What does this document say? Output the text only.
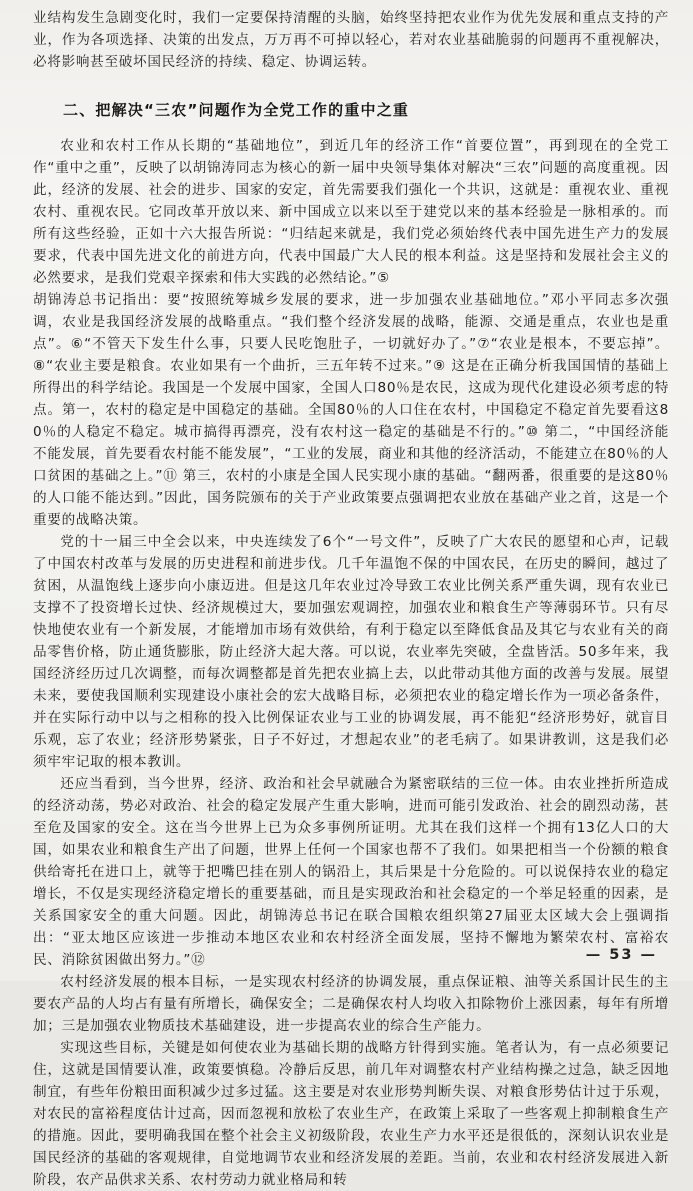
业结构发生急剧变化时，我们一定要保持清醒的头脑，始终坚持把农业作为优先发展和重点支持的产业，作为各项选择、决策的出发点，万万再不可掉以轻心，若对农业基础脆弱的问题再不重视解决，必将影响甚至破坏国民经济的持续、稳定、协调运转。

二、把解决“三农”问题作为全党工作的重中之重

农业和农村工作从长期的“基础地位”，到近几年的经济工作“首要位置”，再到现在的全党工作“重中之重”，反映了以胡锦涛同志为核心的新一届中央领导集体对解决“三农”问题的高度重视。因此，经济的发展、社会的进步、国家的安定，首先需要我们强化一个共识，这就是：重视农业、重视农村、重视农民。它同改革开放以来、新中国成立以来以至于建党以来的基本经验是一脉相承的。而所有这些经验，正如十六大报告所说：“归结起来就是，我们党必须始终代表中国先进生产力的发展要求，代表中国先进文化的前进方向，代表中国最广大人民的根本利益。这是坚持和发展社会主义的必然要求，是我们党艰辛探索和伟大实践的必然结论。”⑤

胡锦涛总书记指出：要“按照统筹城乡发展的要求，进一步加强农业基础地位。”邓小平同志多次强调，农业是我国经济发展的战略重点。“我们整个经济发展的战略，能源、交通是重点，农业也是重点”。⑥“不管天下发生什么事，只要人民吃饱肚子，一切就好办了。”⑦“农业是根本，不要忘掉”。⑧“农业主要是粮食。农业如果有一个曲折，三五年转不过来。”⑨ 这是在正确分析我国国情的基础上所得出的科学结论。我国是一个发展中国家，全国人口80％是农民，这成为现代化建设必须考虑的特点。第一，农村的稳定是中国稳定的基础。全国80％的人口住在农村，中国稳定不稳定首先要看这80％的人稳定不稳定。城市搞得再漂亮，没有农村这一稳定的基础是不行的。”⑩ 第二，“中国经济能不能发展，首先要看农村能不能发展”，“工业的发展，商业和其他的经济活动，不能建立在80％的人口贫困的基础之上。”⑪ 第三，农村的小康是全国人民实现小康的基础。“翻两番，很重要的是这80％的人口能不能达到。”因此，国务院颁布的关于产业政策要点强调把农业放在基础产业之首，这是一个重要的战略决策。

党的十一届三中全会以来，中央连续发了6个“一号文件”，反映了广大农民的愿望和心声，记载了中国农村改革与发展的历史进程和前进步伐。几千年温饱不保的中国农民，在历史的瞬间，越过了贫困，从温饱线上逐步向小康迈进。但是这几年农业过冷导致工农业比例关系严重失调，现有农业已支撑不了投资增长过快、经济规模过大，要加强宏观调控，加强农业和粮食生产等薄弱环节。只有尽快地使农业有一个新发展，才能增加市场有效供给，有利于稳定以至降低食品及其它与农业有关的商品零售价格，防止通货膨胀，防止经济大起大落。可以说，农业率先突破，全盘皆活。50多年来，我国经济经历过几次调整，而每次调整都是首先把农业搞上去，以此带动其他方面的改善与发展。展望未来，要使我国顺利实现建设小康社会的宏大战略目标，必须把农业的稳定增长作为一项必备条件，并在实际行动中以与之相称的投入比例保证农业与工业的协调发展，再不能犯“经济形势好，就盲目乐观，忘了农业；经济形势紧张，日子不好过，才想起农业”的老毛病了。如果讲教训，这是我们必须牢牢记取的根本教训。

还应当看到，当今世界，经济、政治和社会早就融合为紧密联结的三位一体。由农业挫折所造成的经济动荡，势必对政治、社会的稳定发展产生重大影响，进而可能引发政治、社会的剧烈动荡，甚至危及国家的安全。这在当今世界上已为众多事例所证明。尤其在我们这样一个拥有13亿人口的大国，如果农业和粮食生产出了问题，世界上任何一个国家也帮不了我们。如果把相当一个份额的粮食供给寄托在进口上，就等于把嘴巴挂在别人的锅沿上，其后果是十分危险的。可以说保持农业的稳定增长，不仅是实现经济稳定增长的重要基础，而且是实现政治和社会稳定的一个举足轻重的因素，是关系国家安全的重大问题。因此，胡锦涛总书记在联合国粮农组织第27届亚太区域大会上强调指出：“亚太地区应该进一步推动本地区农业和农村经济全面发展，坚持不懈地为繁荣农村、富裕农民、消除贫困做出努力。”⑫

农村经济发展的根本目标，一是实现农村经济的协调发展，重点保证粮、油等关系国计民生的主要农产品的人均占有量有所增长，确保安全；二是确保农村人均收入扣除物价上涨因素，每年有所增加；三是加强农业物质技术基础建设，进一步提高农业的综合生产能力。

实现这些目标，关键是如何使农业为基础长期的战略方针得到实施。笔者认为，有一点必须要记住，这就是国情要认准，政策要慎稳。冷静后反思，前几年对调整农村产业结构操之过急，缺乏因地制宜，有些年份粮田面积减少过多过猛。这主要是对农业形势判断失误、对粮食形势估计过于乐观，对农民的富裕程度估计过高，因而忽视和放松了农业生产，在政策上采取了一些客观上抑制粮食生产的措施。因此，要明确我国在整个社会主义初级阶段，农业生产力水平还是很低的，深刻认识农业是国民经济的基础的客观规律，自觉地调节农业和经济发展的差距。当前，农业和农村经济发展进入新阶段，农产品供求关系、农村劳动力就业格局和转

— 53 —
